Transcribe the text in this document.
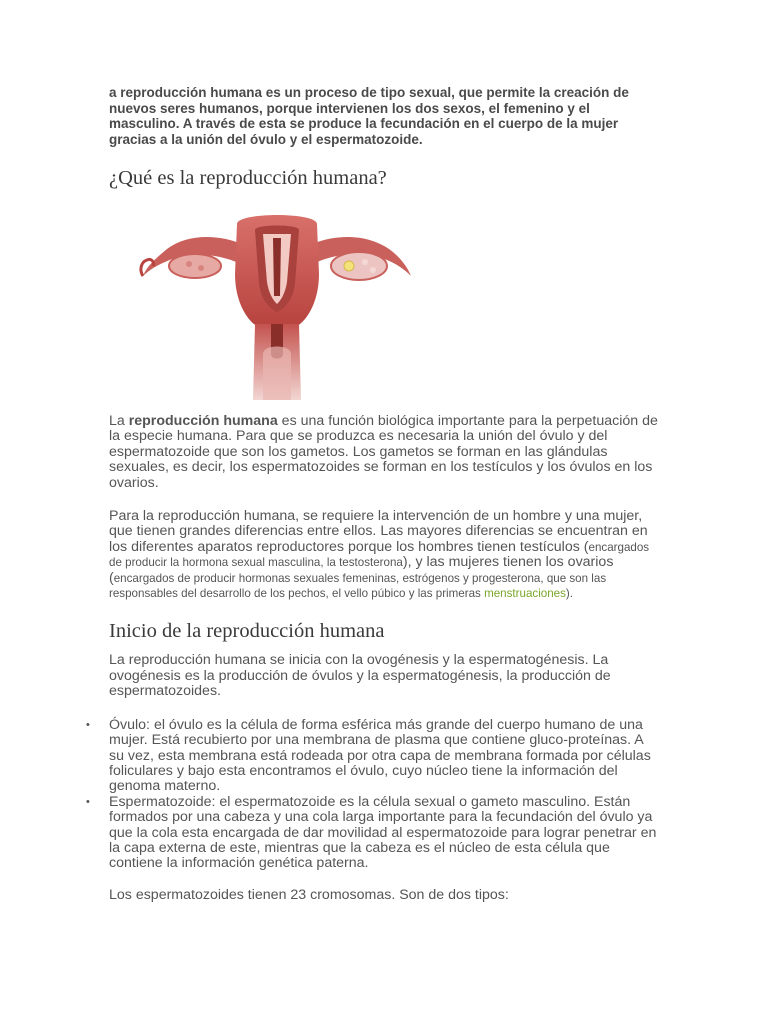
a reproducción humana es un proceso de tipo sexual, que permite la creación de nuevos seres humanos, porque intervienen los dos sexos, el femenino y el masculino. A través de esta se produce la fecundación en el cuerpo de la mujer gracias a la unión del óvulo y el espermatozoide.

¿Qué es la reproducción humana?

La reproducción humana es una función biológica importante para la perpetuación de la especie humana. Para que se produzca es necesaria la unión del óvulo y del espermatozoide que son los gametos. Los gametos se forman en las glándulas sexuales, es decir, los espermatozoides se forman en los testículos y los óvulos en los ovarios.

Para la reproducción humana, se requiere la intervención de un hombre y una mujer, que tienen grandes diferencias entre ellos. Las mayores diferencias se encuentran en los diferentes aparatos reproductores porque los hombres tienen testículos (encargados de producir la hormona sexual masculina, la testosterona), y las mujeres tienen los ovarios (encargados de producir hormonas sexuales femeninas, estrógenos y progesterona, que son las responsables del desarrollo de los pechos, el vello púbico y las primeras menstruaciones).

Inicio de la reproducción humana

La reproducción humana se inicia con la ovogénesis y la espermatogénesis. La ovogénesis es la producción de óvulos y la espermatogénesis, la producción de espermatozoides.

• Óvulo: el óvulo es la célula de forma esférica más grande del cuerpo humano de una mujer. Está recubierto por una membrana de plasma que contiene gluco-proteínas. A su vez, esta membrana está rodeada por otra capa de membrana formada por células foliculares y bajo esta encontramos el óvulo, cuyo núcleo tiene la información del genoma materno.
• Espermatozoide: el espermatozoide es la célula sexual o gameto masculino. Están formados por una cabeza y una cola larga importante para la fecundación del óvulo ya que la cola esta encargada de dar movilidad al espermatozoide para lograr penetrar en la capa externa de este, mientras que la cabeza es el núcleo de esta célula que contiene la información genética paterna.

Los espermatozoides tienen 23 cromosomas. Son de dos tipos:
